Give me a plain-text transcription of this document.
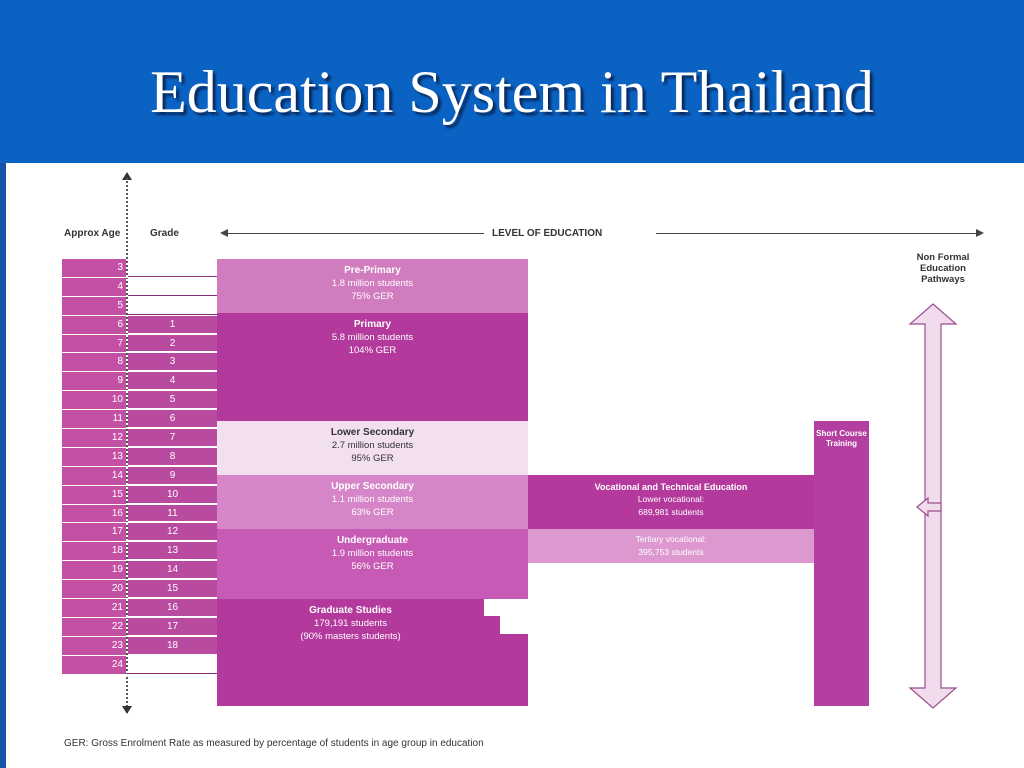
Education System in Thailand
Approx Age	Grade	LEVEL OF EDUCATION
Non Formal Education Pathways
3
4
5
6	1
7	2
8	3
9	4
10	5
11	6
12	7
13	8
14	9
15	10
16	11
17	12
18	13
19	14
20	15
21	16
22	17
23	18
24
Pre-Primary
1.8 million students
75% GER
Primary
5.8 million students
104% GER
Lower Secondary
2.7 million students
95% GER
Upper Secondary
1.1 million students
63% GER
Undergraduate
1.9 million students
56% GER
Graduate Studies
179,191 students
(90% masters students)
Vocational and Technical Education
Lower vocational:
689,981 students
Tertiary vocational:
395,753 students
Short Course Training
GER: Gross Enrolment Rate as measured by percentage of students in age group in education
